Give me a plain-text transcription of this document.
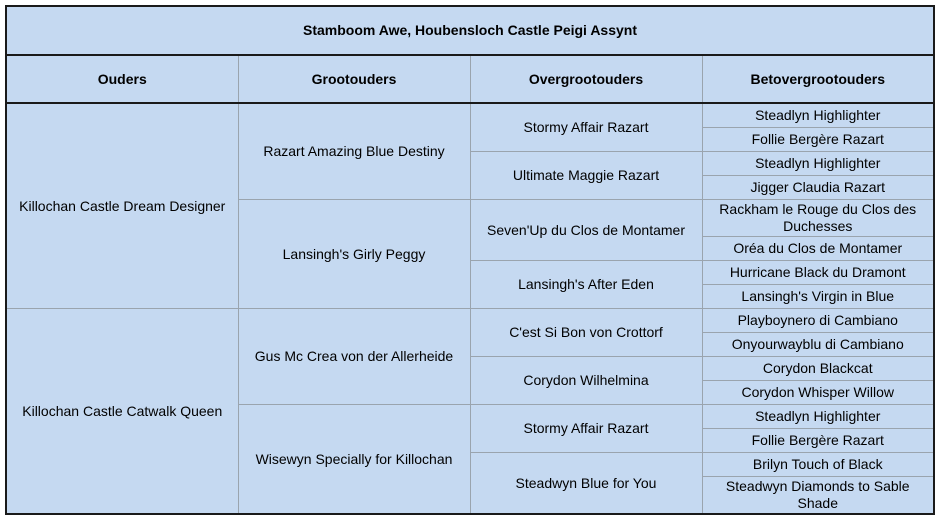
Stamboom Awe, Houbensloch Castle Peigi Assynt			
Ouders	Grootouders	Overgrootouders	Betovergrootouders
Killochan Castle Dream Designer	Razart Amazing Blue Destiny	Stormy Affair Razart	Steadlyn Highlighter
			Follie Bergère Razart
		Ultimate Maggie Razart	Steadlyn Highlighter
			Jigger Claudia Razart
	Lansingh's Girly Peggy	Seven'Up du Clos de Montamer	Rackham le Rouge du Clos des Duchesses
			Oréa du Clos de Montamer
		Lansingh's After Eden	Hurricane Black du Dramont
			Lansingh's Virgin in Blue
Killochan Castle Catwalk Queen	Gus Mc Crea von der Allerheide	C'est Si Bon von Crottorf	Playboynero di Cambiano
			Onyourwayblu di Cambiano
		Corydon Wilhelmina	Corydon Blackcat
			Corydon Whisper Willow
	Wisewyn Specially for Killochan	Stormy Affair Razart	Steadlyn Highlighter
			Follie Bergère Razart
		Steadwyn Blue for You	Brilyn Touch of Black
			Steadwyn Diamonds to Sable Shade
